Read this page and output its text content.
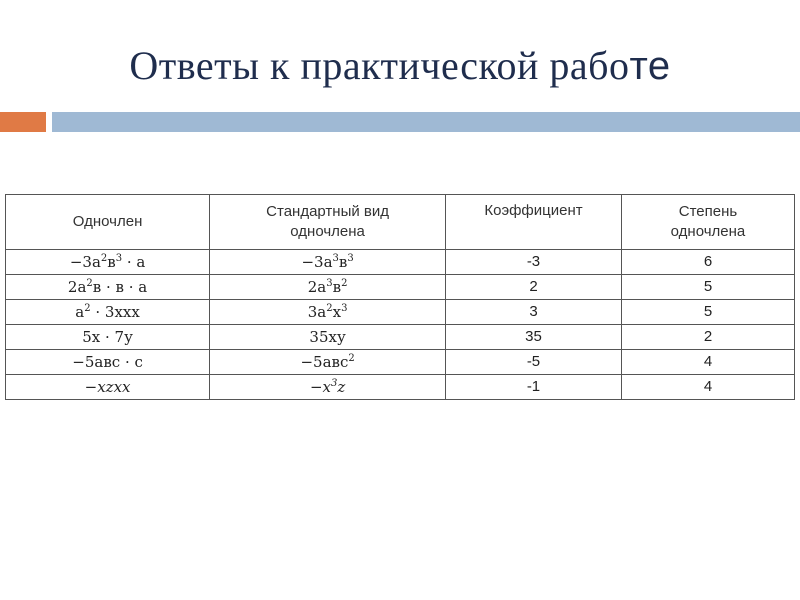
Ответы к практической работе
Одночлен	Стандартный вид одночлена	Коэффициент	Степень одночлена
$-3а^2в^3 \cdot а$	$-3а^3в^3$	-3	6
$2а^2в \cdot в \cdot а$	$2а^3в^2$	2	5
$а^2 \cdot 3ххх$	$3а^2х^3$	3	5
5х · 7у	35ху	35	2
−5авс · с	−5авс$^2$	-5	4
−xzxx	$-x^3z$	-1	4
